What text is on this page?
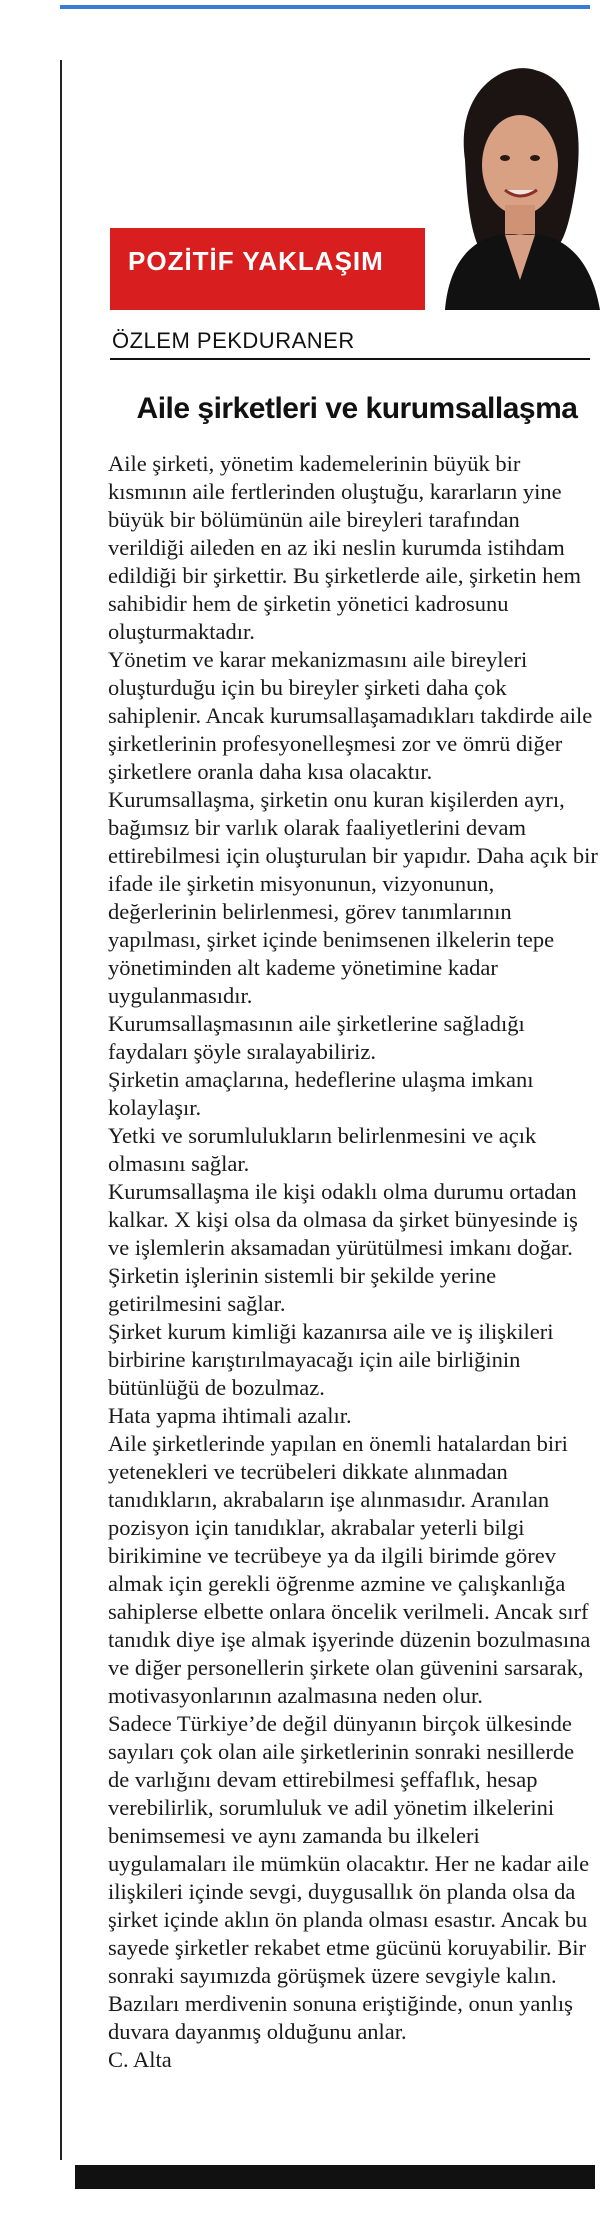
POZİTİF YAKLAŞIM
ÖZLEM PEKDURANER
Aile şirketleri ve kurumsallaşma

Aile şirketi, yönetim kademelerinin büyük bir kısmının aile fertlerinden oluştuğu, kararların yine büyük bir bölümünün aile bireyleri tarafından verildiği aileden en az iki neslin kurumda istihdam edildiği bir şirkettir. Bu şirketlerde aile, şirketin hem sahibidir hem de şirketin yönetici kadrosunu oluşturmaktadır.

Yönetim ve karar mekanizmasını aile bireyleri oluşturduğu için bu bireyler şirketi daha çok sahiplenir. Ancak kurumsallaşamadıkları takdirde aile şirketlerinin profesyonelleşmesi zor ve ömrü diğer şirketlere oranla daha kısa olacaktır.

Kurumsallaşma, şirketin onu kuran kişilerden ayrı, bağımsız bir varlık olarak faaliyetlerini devam ettirebilmesi için oluşturulan bir yapıdır. Daha açık bir ifade ile şirketin misyonunun, vizyonunun, değerlerinin belirlenmesi, görev tanımlarının yapılması, şirket içinde benimsenen ilkelerin tepe yönetiminden alt kademe yönetimine kadar uygulanmasıdır.

Kurumsallaşmasının aile şirketlerine sağladığı faydaları şöyle sıralayabiliriz.

Şirketin amaçlarına, hedeflerine ulaşma imkanı kolaylaşır.

Yetki ve sorumlulukların belirlenmesini ve açık olmasını sağlar.

Kurumsallaşma ile kişi odaklı olma durumu ortadan kalkar. X kişi olsa da olmasa da şirket bünyesinde iş ve işlemlerin aksamadan yürütülmesi imkanı doğar.

Şirketin işlerinin sistemli bir şekilde yerine getirilmesini sağlar.

Şirket kurum kimliği kazanırsa aile ve iş ilişkileri birbirine karıştırılmayacağı için aile birliğinin bütünlüğü de bozulmaz.

Hata yapma ihtimali azalır.

Aile şirketlerinde yapılan en önemli hatalardan biri yetenekleri ve tecrübeleri dikkate alınmadan tanıdıkların, akrabaların işe alınmasıdır. Aranılan pozisyon için tanıdıklar, akrabalar yeterli bilgi birikimine ve tecrübeye ya da ilgili birimde görev almak için gerekli öğrenme azmine ve çalışkanlığa sahiplerse elbette onlara öncelik verilmeli. Ancak sırf tanıdık diye işe almak işyerinde düzenin bozulmasına ve diğer personellerin şirkete olan güvenini sarsarak, motivasyonlarının azalmasına neden olur.

Sadece Türkiye’de değil dünyanın birçok ülkesinde sayıları çok olan aile şirketlerinin sonraki nesillerde de varlığını devam ettirebilmesi şeffaflık, hesap verebilirlik, sorumluluk ve adil yönetim ilkelerini benimsemesi ve aynı zamanda bu ilkeleri uygulamaları ile mümkün olacaktır. Her ne kadar aile ilişkileri içinde sevgi, duygusallık ön planda olsa da şirket içinde aklın ön planda olması esastır. Ancak bu sayede şirketler rekabet etme gücünü koruyabilir. Bir sonraki sayımızda görüşmek üzere sevgiyle kalın.

Bazıları merdivenin sonuna eriştiğinde, onun yanlış duvara dayanmış olduğunu anlar.

C. Alta
